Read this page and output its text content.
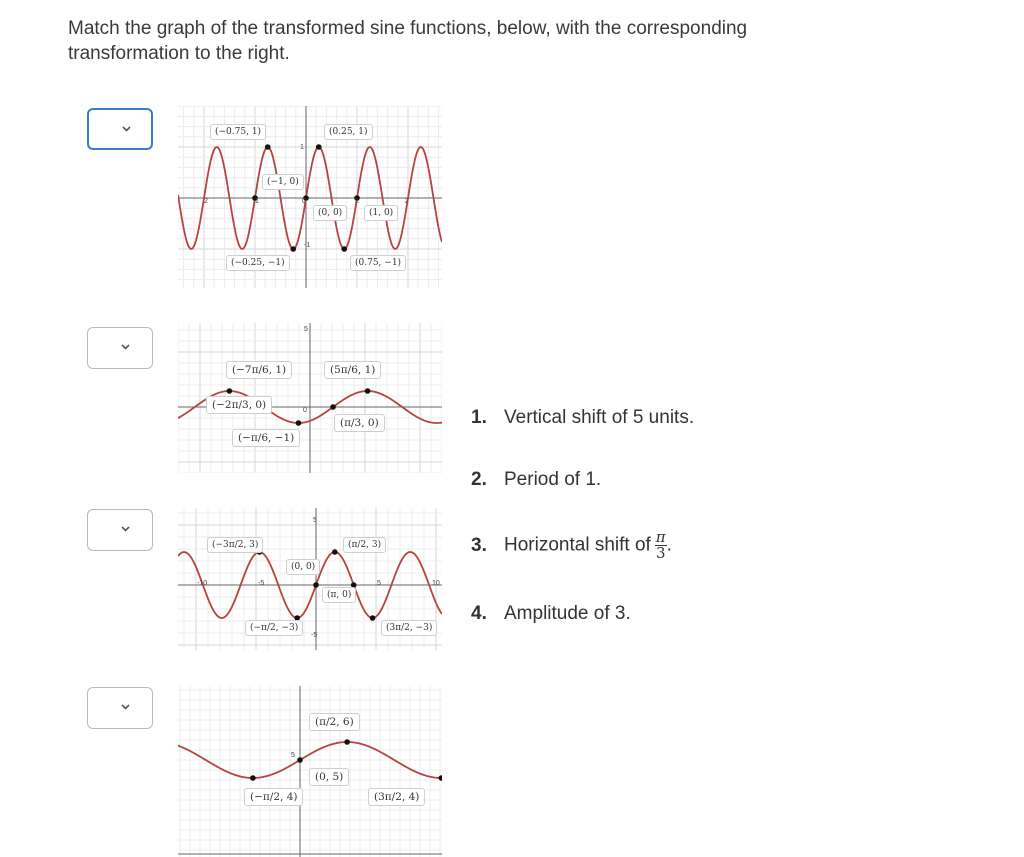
Match the graph of the transformed sine functions, below, with the corresponding transformation to the right.
(−0.75, 1)	(0.25, 1)
(−1, 0)
(0, 0)	(1, 0)
(−0.25, −1)	(0.75, −1)
1
-1
2	1	0	1	2
(−7π/6, 1)	(5π/6, 1)
(−2π/3, 0)
(π/3, 0)
(−π/6, −1)
5
0
(−3π/2, 3)	(π/2, 3)
(0, 0)
(π, 0)
(−π/2, −3)	(3π/2, −3)
5
-10	-5	5	10
-5
(π/2, 6)
(0, 5)
(−π/2, 4)	(3π/2, 4)
5
1. Vertical shift of 5 units.
2. Period of 1.
3. Horizontal shift of $\frac{\pi}{3}$ .
4. Amplitude of 3.
